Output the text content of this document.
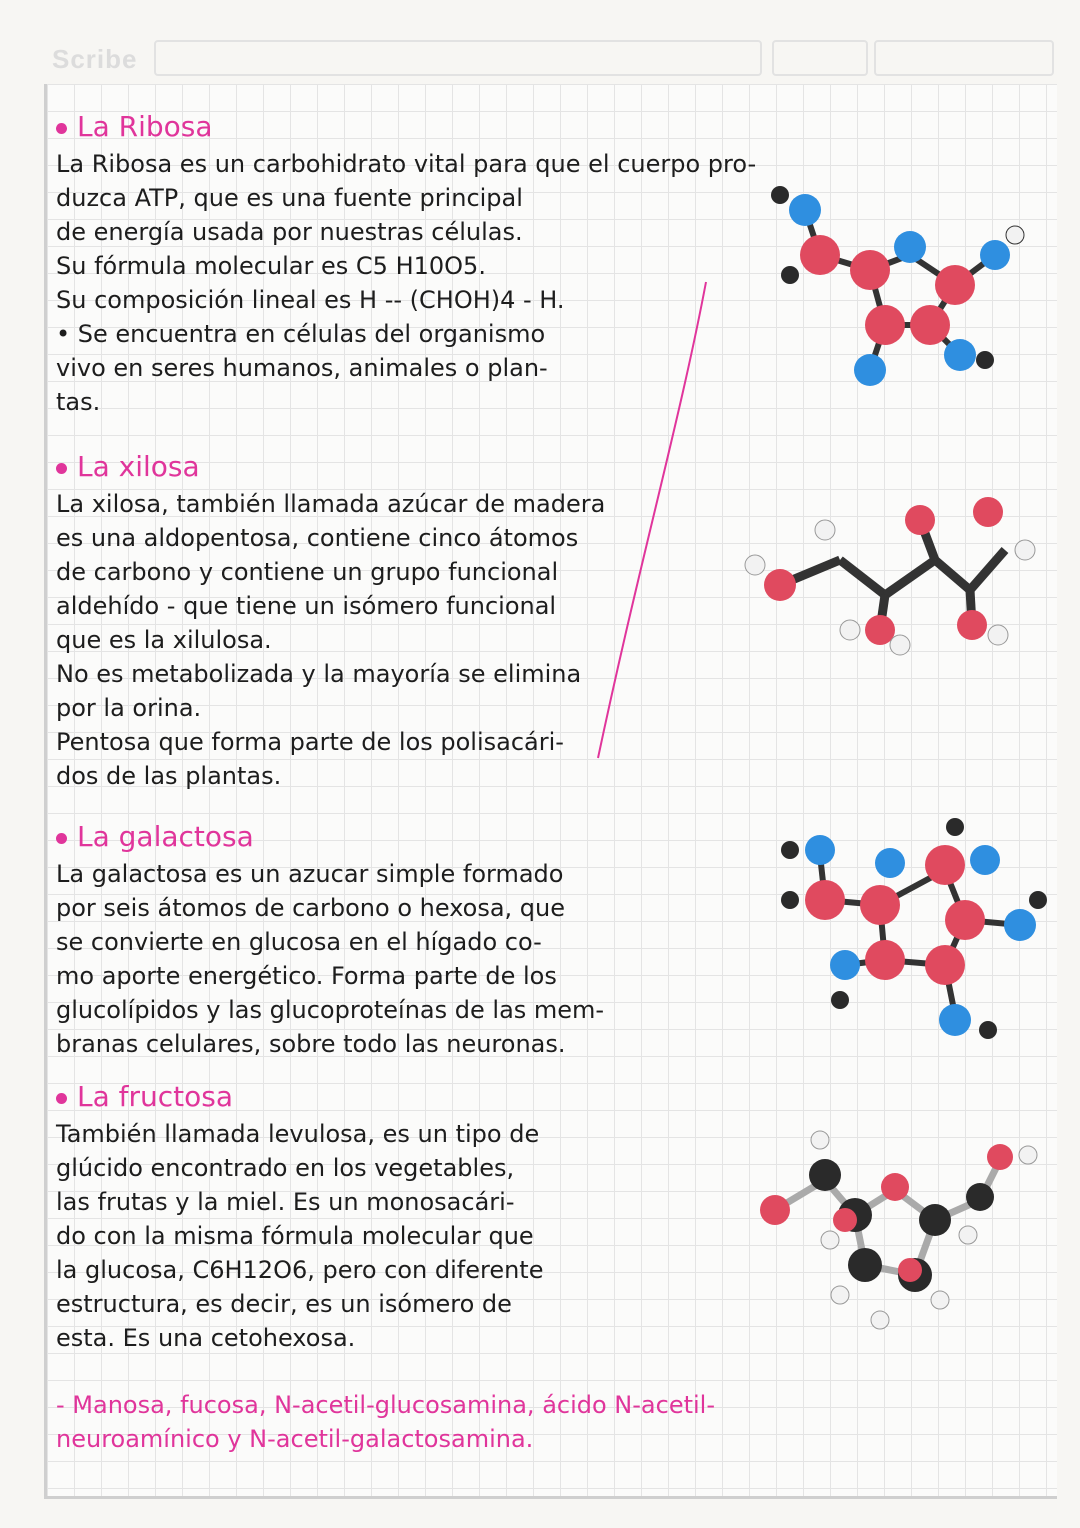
Scribe
La Ribosa
La Ribosa es un carbohidrato vital para que el cuerpo pro-
duzca ATP, que es una fuente principal
de energía usada por nuestras células.
Su fórmula molecular es C5 H10O5.
Su composición lineal es H -- (CHOH)4 - H.
• Se encuentra en células del organismo
vivo en seres humanos, animales o plan-
tas.
La xilosa
La xilosa, también llamada azúcar de madera
es una aldopentosa, contiene cinco átomos
de carbono y contiene un grupo funcional
aldehído - que tiene un isómero funcional
que es la xilulosa.
No es metabolizada y la mayoría se elimina
por la orina.
Pentosa que forma parte de los polisacári-
dos de las plantas.
La galactosa
La galactosa es un azucar simple formado
por seis átomos de carbono o hexosa, que
se convierte en glucosa en el hígado co-
mo aporte energético. Forma parte de los
glucolípidos y las glucoproteínas de las mem-
branas celulares, sobre todo las neuronas.
La fructosa
También llamada levulosa, es un tipo de
glúcido encontrado en los vegetables,
las frutas y la miel. Es un monosacári-
do con la misma fórmula molecular que
la glucosa, C6H12O6, pero con diferente
estructura, es decir, es un isómero de
esta. Es una cetohexosa.
- Manosa, fucosa, N-acetil-glucosamina, ácido N-acetil-
neuroamínico y N-acetil-galactosamina.
